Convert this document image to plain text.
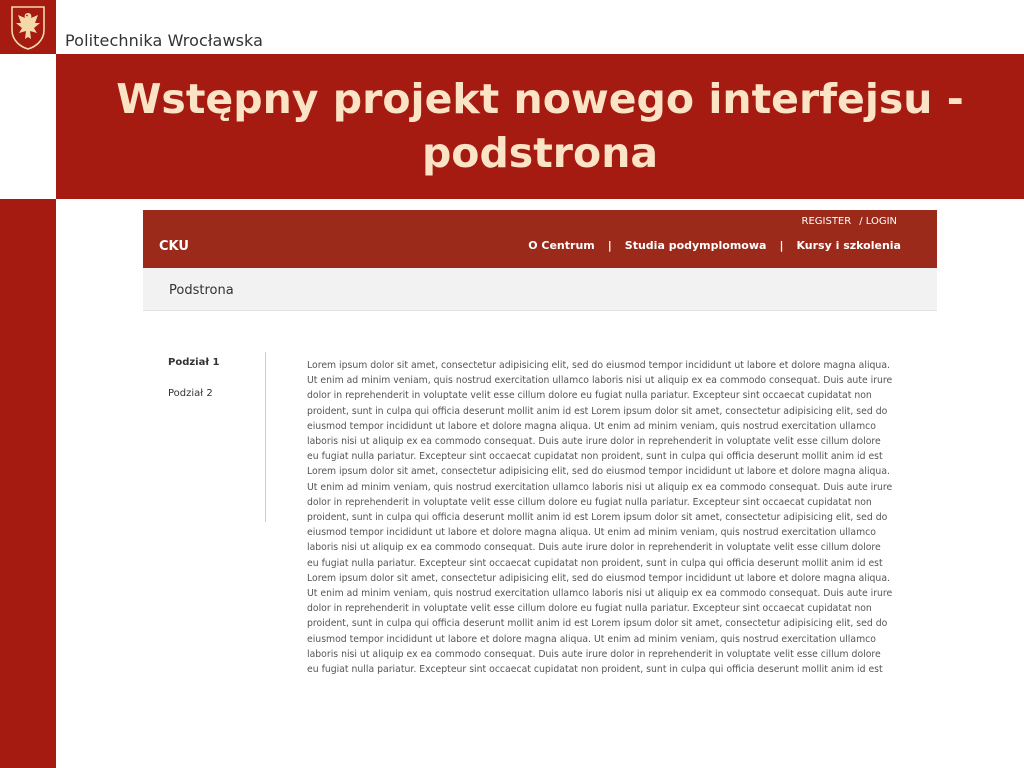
Politechnika Wrocławska
Wstępny projekt nowego interfejsu - podstrona
CKU
REGISTER / LOGIN
O Centrum | Studia podymplomowa | Kursy i szkolenia
Podstrona
Podział 1
Podział 2
Lorem ipsum dolor sit amet, consectetur adipisicing elit, sed do eiusmod tempor incididunt ut labore et dolore magna aliqua. Ut enim ad minim veniam, quis nostrud exercitation ullamco laboris nisi ut aliquip ex ea commodo consequat. Duis aute irure dolor in reprehenderit in voluptate velit esse cillum dolore eu fugiat nulla pariatur. Excepteur sint occaecat cupidatat non proident, sunt in culpa qui officia deserunt mollit anim id est Lorem ipsum dolor sit amet, consectetur adipisicing elit, sed do eiusmod tempor incididunt ut labore et dolore magna aliqua. Ut enim ad minim veniam, quis nostrud exercitation ullamco laboris nisi ut aliquip ex ea commodo consequat. Duis aute irure dolor in reprehenderit in voluptate velit esse cillum dolore eu fugiat nulla pariatur. Excepteur sint occaecat cupidatat non proident, sunt in culpa qui officia deserunt mollit anim id est Lorem ipsum dolor sit amet, consectetur adipisicing elit, sed do eiusmod tempor incididunt ut labore et dolore magna aliqua. Ut enim ad minim veniam, quis nostrud exercitation ullamco laboris nisi ut aliquip ex ea commodo consequat. Duis aute irure dolor in reprehenderit in voluptate velit esse cillum dolore eu fugiat nulla pariatur. Excepteur sint occaecat cupidatat non proident, sunt in culpa qui officia deserunt mollit anim id est Lorem ipsum dolor sit amet, consectetur adipisicing elit, sed do eiusmod tempor incididunt ut labore et dolore magna aliqua. Ut enim ad minim veniam, quis nostrud exercitation ullamco laboris nisi ut aliquip ex ea commodo consequat. Duis aute irure dolor in reprehenderit in voluptate velit esse cillum dolore eu fugiat nulla pariatur. Excepteur sint occaecat cupidatat non proident, sunt in culpa qui officia deserunt mollit anim id est Lorem ipsum dolor sit amet, consectetur adipisicing elit, sed do eiusmod tempor incididunt ut labore et dolore magna aliqua. Ut enim ad minim veniam, quis nostrud exercitation ullamco laboris nisi ut aliquip ex ea commodo consequat. Duis aute irure dolor in reprehenderit in voluptate velit esse cillum dolore eu fugiat nulla pariatur. Excepteur sint occaecat cupidatat non proident, sunt in culpa qui officia deserunt mollit anim id est Lorem ipsum dolor sit amet, consectetur adipisicing elit, sed do eiusmod tempor incididunt ut labore et dolore magna aliqua. Ut enim ad minim veniam, quis nostrud exercitation ullamco laboris nisi ut aliquip ex ea commodo consequat. Duis aute irure dolor in reprehenderit in voluptate velit esse cillum dolore eu fugiat nulla pariatur. Excepteur sint occaecat cupidatat non proident, sunt in culpa qui officia deserunt mollit anim id est
